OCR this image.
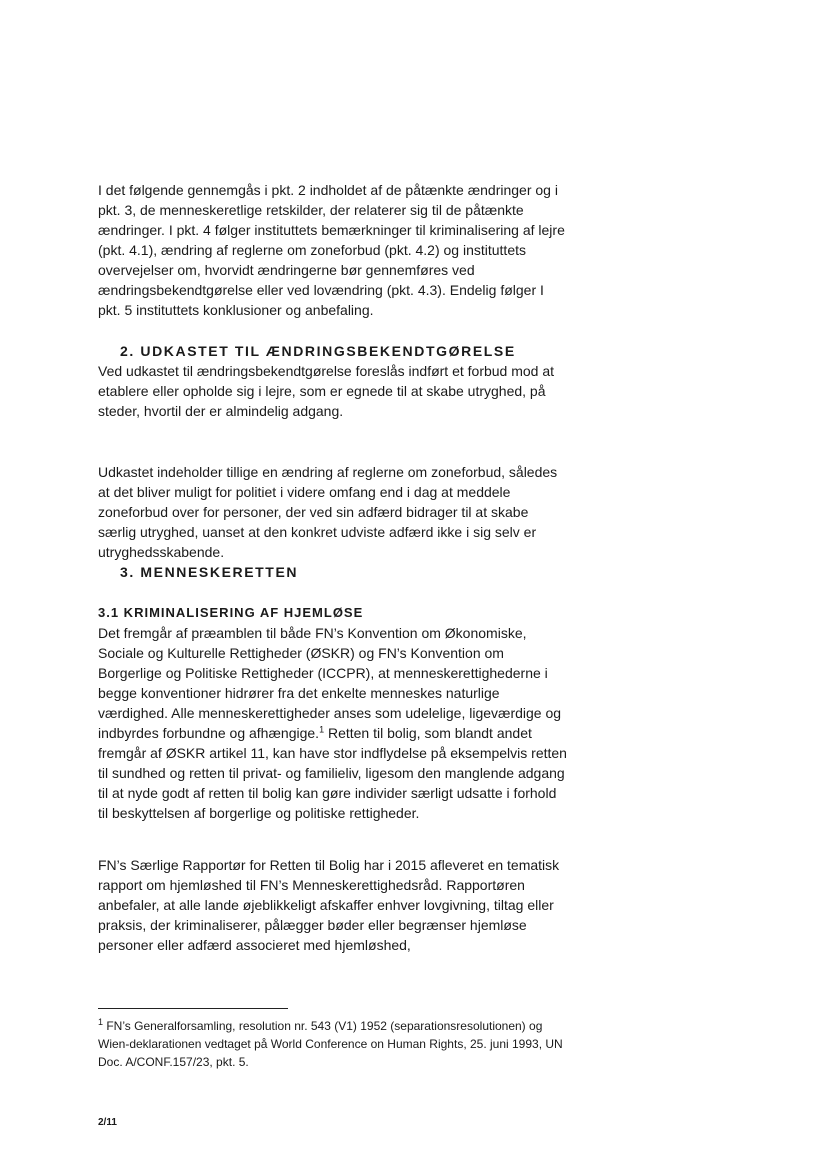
I det følgende gennemgås i pkt. 2 indholdet af de påtænkte ændringer og i pkt. 3, de menneskeretlige retskilder, der relaterer sig til de påtænkte ændringer. I pkt. 4 følger instituttets bemærkninger til kriminalisering af lejre (pkt. 4.1), ændring af reglerne om zoneforbud (pkt. 4.2) og instituttets overvejelser om, hvorvidt ændringerne bør gennemføres ved ændringsbekendtgørelse eller ved lovændring (pkt. 4.3). Endelig følger I pkt. 5 instituttets konklusioner og anbefaling.

2. UDKASTET TIL ÆNDRINGSBEKENDTGØRELSE

Ved udkastet til ændringsbekendtgørelse foreslås indført et forbud mod at etablere eller opholde sig i lejre, som er egnede til at skabe utryghed, på steder, hvortil der er almindelig adgang.

Udkastet indeholder tillige en ændring af reglerne om zoneforbud, således at det bliver muligt for politiet i videre omfang end i dag at meddele zoneforbud over for personer, der ved sin adfærd bidrager til at skabe særlig utryghed, uanset at den konkret udviste adfærd ikke i sig selv er utryghedsskabende.

3. MENNESKERETTEN
3.1 KRIMINALISERING AF HJEMLØSE

Det fremgår af præamblen til både FN’s Konvention om Økonomiske, Sociale og Kulturelle Rettigheder (ØSKR) og FN’s Konvention om Borgerlige og Politiske Rettigheder (ICCPR), at menneskerettighederne i begge konventioner hidrører fra det enkelte menneskes naturlige værdighed. Alle menneskerettigheder anses som udelelige, ligeværdige og indbyrdes forbundne og afhængige.$^1$ Retten til bolig, som blandt andet fremgår af ØSKR artikel 11, kan have stor indflydelse på eksempelvis retten til sundhed og retten til privat- og familieliv, ligesom den manglende adgang til at nyde godt af retten til bolig kan gøre individer særligt udsatte i forhold til beskyttelsen af borgerlige og politiske rettigheder.

FN’s Særlige Rapportør for Retten til Bolig har i 2015 afleveret en tematisk rapport om hjemløshed til FN’s Menneskerettighedsråd. Rapportøren anbefaler, at alle lande øjeblikkeligt afskaffer enhver lovgivning, tiltag eller praksis, der kriminaliserer, pålægger bøder eller begrænser hjemløse personer eller adfærd associeret med hjemløshed,

$^1$ FN’s Generalforsamling, resolution nr. 543 (V1) 1952 (separationsresolutionen) og Wien-deklarationen vedtaget på World Conference on Human Rights, 25. juni 1993, UN Doc. A/CONF.157/23, pkt. 5.

2/11
